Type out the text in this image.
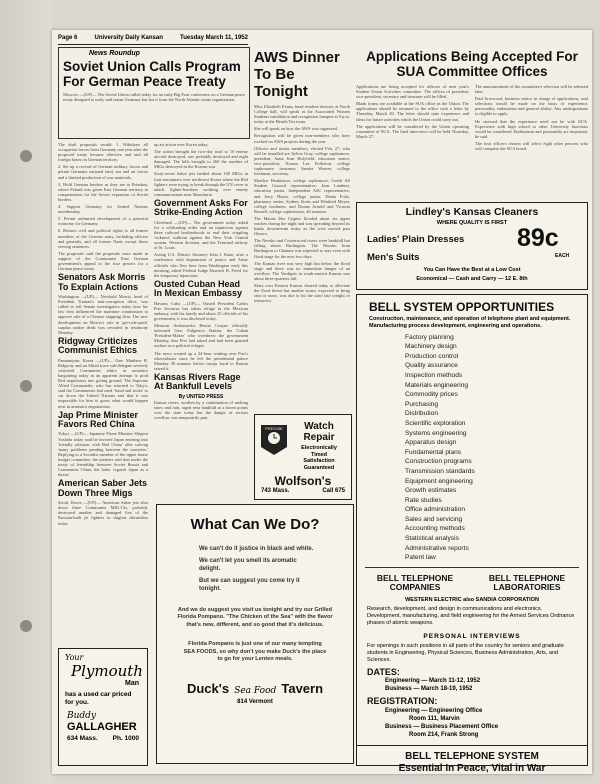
Page 6	University Daily Kansan	Tuesday March 11, 1952
News Roundup
Soviet Union Calls Program For German Peace Treaty

Moscow —(UP)— The Soviet Union called today for an early Big Four conference on a German peace treaty designed to unify and rearm Germany but bar it from the North Atlantic treaty organization.

The draft proposals would: 1. Withdraw all occupation forces from Germany one year after the proposed treaty became effective and end all foreign bases on German territory.

2. Set up a revival of German military forces and permit Germany national land, sea and air forces and a limited production of war materials.

3. Hold German borders as they are at Potsdam, where Poland was given East German territory in compensation for the Soviet expansion of Soviet borders.

4. Support Germany for United Nations membership.

5. Permit unlimited development of a peaceful economy for Germany.

6. Restore civil and political rights to all former members of the German army, including officers and generals, and all former Nazis except those serving sentences.

The proposals said the proposals were made in support of the Communist East German government's appeal to the four powers for a German peace treaty.

Senators Ask Morris To Explain Actions

Washington —(UP)— Newbold Morris, head of President Truman's anti-corruption drive, was called to tell Senate investigators today how his law firm influenced the maritime commission to approve sale of a Chinese shipping firm. The new development on Morris's role in 'get-rich-quick' surplus tanker deals was revealed in testimony Monday.

Ridgway Criticizes Communist Ethics

Panmunjom, Korea —(UP)— Gen. Matthew B. Ridgway and an Allied truce sub-delegate severely criticized Communist ethics in armistice bargaining today in an apparent attempt to prod Red negotiators into giving ground. The Supreme Allied Commander, who has returned to Tokyo, said the Communists had used 'fraud and tricks' to cut down the United Nations and that it was impossible for him to guess what would happen next in armistice negotiations.

Jap Prime Minister Favors Red China

Tokyo —(UP)— Japanese Prime Minister Shigeru Yoshida today said he favored Japan entering into 'friendly relations with Red China' after solving 'many problems pending between the countries.' Replying to a Socialist member of the upper house budget committee, the premier said that under the treaty of friendship between Soviet Russia and Communist China, the latter 'regards Japan as a threat.'

American Saber Jets Down Three Migs

Seoul, Korea —(UP)— American Sabre jets shot down three Communist MIG-15s, probably destroyed another and damaged five of the Russian-built jet fighters in slugfest skirmishes today.

Your
Plymouth
Man
has a used car priced for you.
Buddy
GALLAGHER
634 Mass. Ph. 1000

up air action over Korea today.

The action brought the two-day total to 10 enemy aircraft destroyed, one probably destroyed and eight damaged. The kills brought to 260 the number of MIGs destroyed in the Korean war.

Sixty-seven Sabre jets battled about 160 MIGs in four encounters over northwest Korea where the Red fighters were trying to break through the UN cover to attack fighter-bombers working over enemy communications near Manchuria.

Government Asks For Strike-Ending Action

Cleveland —(UP)— The government today asked for a wildcatting order and an injunction against three railroad brotherhoods to end their crippling 'sickness' walkout against the New York Central system, Western division, and the Terminal railway of St. Louis.

Acting U.S. District Attorney John J. Kane, after a conference with department of justice and Army officials who flew here from Washington early this morning, asked Federal Judge Emerich B. Freed for the temporary injunction.

Ousted Cuban Head In Mexican Embassy

Havana, Cuba —(UP)— Ousted President Carlos Prio Socarras has taken refuge in the Mexican embassy with his family and about 25 officials of his government, it was disclosed today.

Mexican Ambassador Benito Coquet officially informed Gen. Fulgencio Batista, the Cuban 'President-Maker' who overthrew the government Monday, that Prio had asked and had been granted asylum as a political refugee.

The news created up a 24-hour waiting over Prio's whereabouts since he left the presidential palace Monday 30 minutes before troops loyal to Batista seized it.

Kansas Rivers Rage At Bankfull Levels
By UNITED PRESS

Kansas rivers, swollen by a combination of melting snow and rain, raged near bankfull at a dozen points over the state today but the danger of serious overflow was temporarily past.

AWS Dinner To Be Tonight

Miss Elizabeth Evans, head resident director at North College hall, will speak at the Associated Women Students installation and recognition banquet at 6 p.m. today at the Hearth Tea room.

She will speak on how the AWS was organized.

Recognition will be given non-members who have worked on AWS projects during the year.

Officers and senior members, elected Feb. 27, who will be installed are Sylvia Gray, college sophomore, president; Anna Jean Holyfield, education senior, vice-president; Norma Lea Fullerton, college sophomore, treasurer; Sandra Weaver, college freshman, secretary.

Marilyn Henkinson, college sophomore, Greek All Student Council representative; Jean Lambert, education junior, Independent ASC representative, and Jerry Hayes, college junior, Diana Foltz, pharmacy senior, Sydney Stotts and Winifred Meyer, college freshmen, and Donna Arnold and Victoria Russell, college sophomores, all senators.

The Marais Des Cygnes flooded about six upper reaches during the night and was spreading beyond its banks downstream today as the crest moved past Ottawa.

The Neosho and Cottonwood rivers were bankfull but falling above Burlington. The Neosho from Burlington to Chanute was expected to stay even with flood stage for the next two days.

The Kansas river was very high but below the flood stage and there was no immediate danger of an overflow. The Verdigris in south-eastern Kansas was about three-quarters full.

Skies over Eastern Kansas cleared today to alleviate the flood threat but another storm, expected to bring rain or snow, was due to hit the state late tonight or tomorrow.

PRECISE	Watch Repair
Electronically
Timed
Satisfaction
Guaranteed
Wolfson's
743 Mass.	Call 675
What Can We Do?
We can't do it justice in black and white.
We can't let you smell its aromatic delight.
But we can suggest you come try it tonight.
And we do suggest you visit us tonight and try our Grilled Florida Pompano. "The Chicken of the Sea" with the flavor that's new, different, and so good that it's delicious.
Florida Pompano is just one of our many tempting SEA FOODS, so why don't you make Duck's the place to go for your Lenten meals.
Duck's Sea Food Tavern
814 Vermont
Applications Being Accepted For SUA Committee Offices

Applications are being accepted for officers of next year's Student Union Activities committee. The offices of president, vice-president, secretary and treasurer will be filled.

Blank forms are available at the SUA office in the Union. The applications should be returned to the office with a letter by Thursday, March 20. The letter should state experience and ideas for future activities which the Union could carry out.

The applications will be considered by the Union operating committee of SUA. The final interviews will be held Thursday, March 27.

The announcement of the committee's selection will be released later.

Paul Arrowood, business senior in charge of applications, said selections would be made on the basis of experience, personality, enthusiasm and general ability. Any undergraduate is eligible to apply.

He stressed that the experience need not be with SUA. Experience with high school or other University functions would be considered. Enthusiasm and personality are important, he said.

The four officers chosen will select eight other persons who will comprise the SUA board.

Lindley's Kansas Cleaners
WHERE QUALITY IS FIRST
Ladies' Plain Dresses
Men's Suits
89c
EACH
You Can Have the Best at a Low Cost
Economical — Cash and Carry — 12 E. 8th
BELL SYSTEM OPPORTUNITIES
Construction, maintenance, and operation of telephone plant and equipment. Manufacturing process development, engineering and operations.
Factory planning
Machinery design
Production control
Quality assurance
Inspection methods
Materials engineering
Commodity prices
Purchasing
Distribution
Scientific exploration
Systems engineering
Apparatus design
Fundamental plans
Construction programs
Transmission standards
Equipment engineering
Growth estimates
Rate studies
Office administration
Sales and servicing
Accounting methods
Statistical analysis
Administrative reports
Patent law
BELL TELEPHONE COMPANIES
BELL TELEPHONE LABORATORIES
WESTERN ELECTRIC also SANDIA CORPORATION
Research, development, and design in communications and electronics. Development, manufacturing, and field engineering for the Armed Services Ordnance phases of atomic weapons.
PERSONAL INTERVIEWS
For openings in such positions in all parts of the country for seniors and graduate students in Engineering, Physical Sciences, Business Administration, Arts, and Sciences.
DATES:
Engineering — March 11-12, 1952
Business — March 18-19, 1952
REGISTRATION:
Engineering — Engineering Office
Room 111, Marvin
Business — Business Placement Office
Room 214, Frank Strong
BELL TELEPHONE SYSTEM
Essential In Peace, Vital in War
